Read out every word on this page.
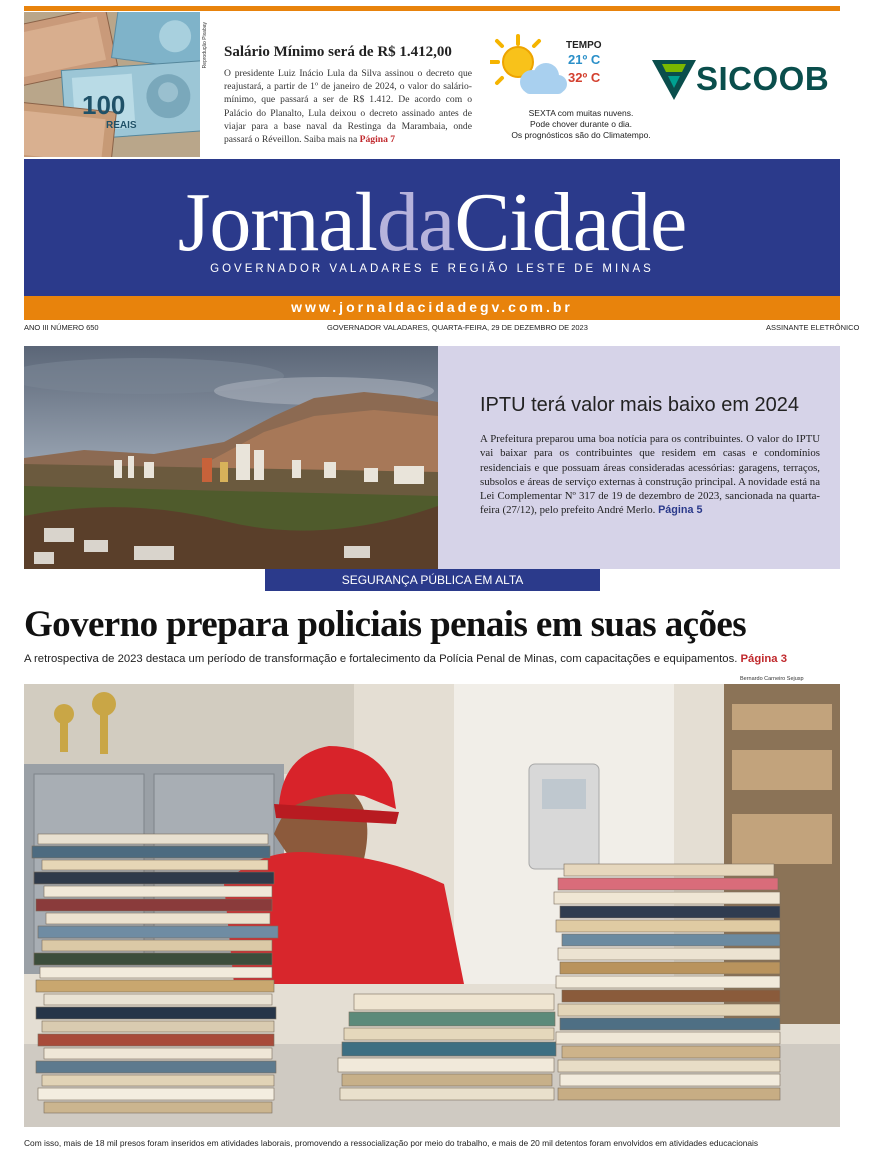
100
REAIS
Reprodução Pixabay Salário Mínimo será de R$ 1.412,00
O presidente Luiz Inácio Lula da Silva assinou o decreto que reajustará, a partir de 1º de janeiro de 2024, o valor do salário-mínimo, que passará a ser de R$ 1.412. De acordo com o Palácio do Planalto, Lula deixou o decreto assinado antes de viajar para a base naval da Restinga da Marambaia, onde passará o Réveillon. Saiba mais na Página 7
TEMPO
21º C
32º C
SEXTA com muitas nuvens.
Pode chover durante o dia.
Os prognósticos são do Climatempo.
SICOOB
JornaldaCidade
GOVERNADOR VALADARES E REGIÃO LESTE DE MINAS
www.jornaldacidadegv.com.br
ANO III NÚMERO 650	GOVERNADOR VALADARES, QUARTA-FEIRA, 29 DE DEZEMBRO DE 2023	ASSINANTE ELETRÔNICO
IPTU terá valor mais baixo em 2024
A Prefeitura preparou uma boa notícia para os contribuintes. O valor do IPTU vai baixar para os contribuintes que residem em casas e condomínios residenciais e que possuam áreas consideradas acessórias: garagens, terraços, subsolos e áreas de serviço externas à construção principal. A novidade está na Lei Complementar Nº 317 de 19 de dezembro de 2023, sancionada na quarta-feira (27/12), pelo prefeito André Merlo. Página 5
SEGURANÇA PÚBLICA EM ALTA
Governo prepara policiais penais em suas ações
A retrospectiva de 2023 destaca um período de transformação e fortalecimento da Polícia Penal de Minas, com capacitações e equipamentos. Página 3
Bernardo Carneiro Sejusp
Com isso, mais de 18 mil presos foram inseridos em atividades laborais, promovendo a ressocialização por meio do trabalho, e mais de 20 mil detentos foram envolvidos em atividades educacionais
